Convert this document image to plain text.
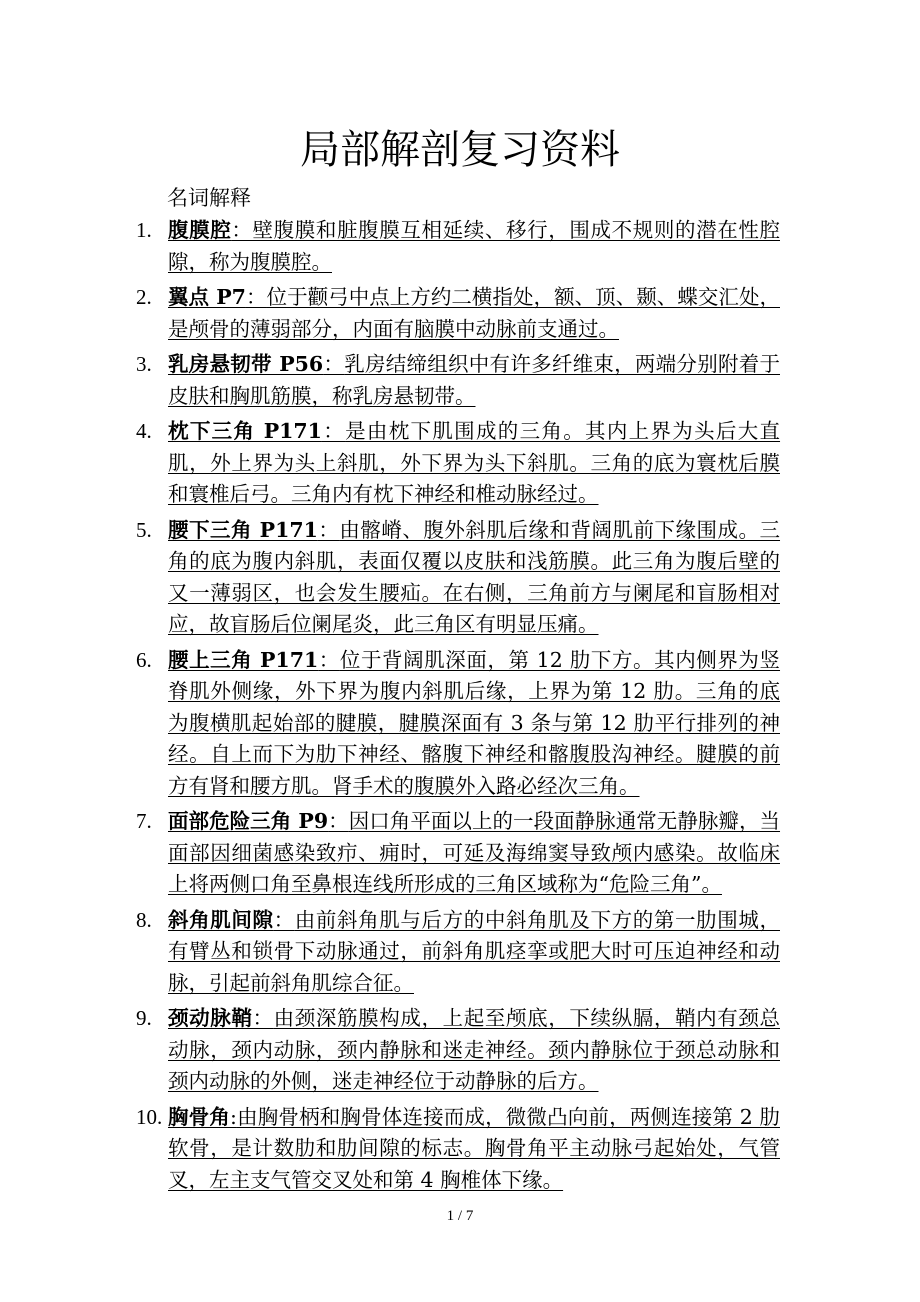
局部解剖复习资料
名词解释
1. 腹膜腔：壁腹膜和脏腹膜互相延续、移行，围成不规则的潜在性腔隙，称为腹膜腔。
2. 翼点 P7：位于颧弓中点上方约二横指处，额、顶、颞、蝶交汇处，是颅骨的薄弱部分，内面有脑膜中动脉前支通过。
3. 乳房悬韧带 P56：乳房结缔组织中有许多纤维束，两端分别附着于皮肤和胸肌筋膜，称乳房悬韧带。
4. 枕下三角 P171：是由枕下肌围成的三角。其内上界为头后大直肌，外上界为头上斜肌，外下界为头下斜肌。三角的底为寰枕后膜和寰椎后弓。三角内有枕下神经和椎动脉经过。
5. 腰下三角 P171：由髂嵴、腹外斜肌后缘和背阔肌前下缘围成。三角的底为腹内斜肌，表面仅覆以皮肤和浅筋膜。此三角为腹后壁的又一薄弱区，也会发生腰疝。在右侧，三角前方与阑尾和盲肠相对应，故盲肠后位阑尾炎，此三角区有明显压痛。
6. 腰上三角 P171：位于背阔肌深面，第 12 肋下方。其内侧界为竖脊肌外侧缘，外下界为腹内斜肌后缘，上界为第 12 肋。三角的底为腹横肌起始部的腱膜，腱膜深面有 3 条与第 12 肋平行排列的神经。自上而下为肋下神经、髂腹下神经和髂腹股沟神经。腱膜的前方有肾和腰方肌。肾手术的腹膜外入路必经次三角。
7. 面部危险三角 P9：因口角平面以上的一段面静脉通常无静脉瓣，当面部因细菌感染致疖、痈时，可延及海绵窦导致颅内感染。故临床上将两侧口角至鼻根连线所形成的三角区域称为“危险三角”。
8. 斜角肌间隙：由前斜角肌与后方的中斜角肌及下方的第一肋围城，有臂丛和锁骨下动脉通过，前斜角肌痉挛或肥大时可压迫神经和动脉，引起前斜角肌综合征。
9. 颈动脉鞘：由颈深筋膜构成，上起至颅底，下续纵膈，鞘内有颈总动脉，颈内动脉，颈内静脉和迷走神经。颈内静脉位于颈总动脉和颈内动脉的外侧，迷走神经位于动静脉的后方。
10. 胸骨角:由胸骨柄和胸骨体连接而成，微微凸向前，两侧连接第 2 肋软骨，是计数肋和肋间隙的标志。胸骨角平主动脉弓起始处，气管叉，左主支气管交叉处和第 4 胸椎体下缘。
1 / 7
